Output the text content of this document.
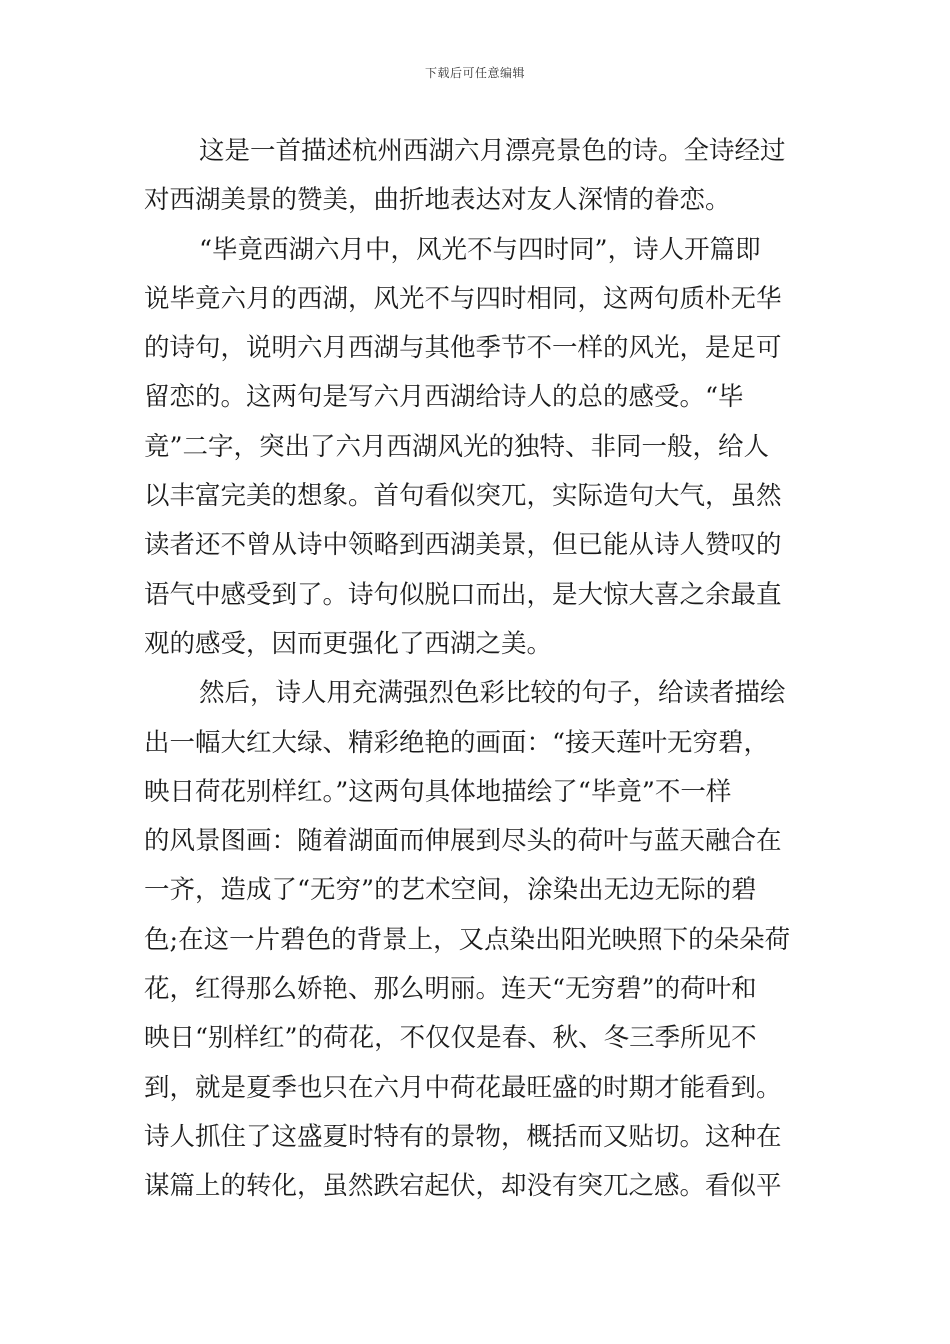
下载后可任意编辑
这是一首描述杭州西湖六月漂亮景色的诗。全诗经过
对西湖美景的赞美，曲折地表达对友人深情的眷恋。
“毕竟西湖六月中，风光不与四时同”，诗人开篇即
说毕竟六月的西湖，风光不与四时相同，这两句质朴无华
的诗句，说明六月西湖与其他季节不一样的风光，是足可
留恋的。这两句是写六月西湖给诗人的总的感受。“毕
竟”二字，突出了六月西湖风光的独特、非同一般，给人
以丰富完美的想象。首句看似突兀，实际造句大气，虽然
读者还不曾从诗中领略到西湖美景，但已能从诗人赞叹的
语气中感受到了。诗句似脱口而出，是大惊大喜之余最直
观的感受，因而更强化了西湖之美。
然后，诗人用充满强烈色彩比较的句子，给读者描绘
出一幅大红大绿、精彩绝艳的画面：“接天莲叶无穷碧，
映日荷花别样红。”这两句具体地描绘了“毕竟”不一样
的风景图画：随着湖面而伸展到尽头的荷叶与蓝天融合在
一齐，造成了“无穷”的艺术空间，涂染出无边无际的碧
色;在这一片碧色的背景上，又点染出阳光映照下的朵朵荷
花，红得那么娇艳、那么明丽。连天“无穷碧”的荷叶和
映日“别样红”的荷花，不仅仅是春、秋、冬三季所见不
到，就是夏季也只在六月中荷花最旺盛的时期才能看到。
诗人抓住了这盛夏时特有的景物，概括而又贴切。这种在
谋篇上的转化，虽然跌宕起伏，却没有突兀之感。看似平
